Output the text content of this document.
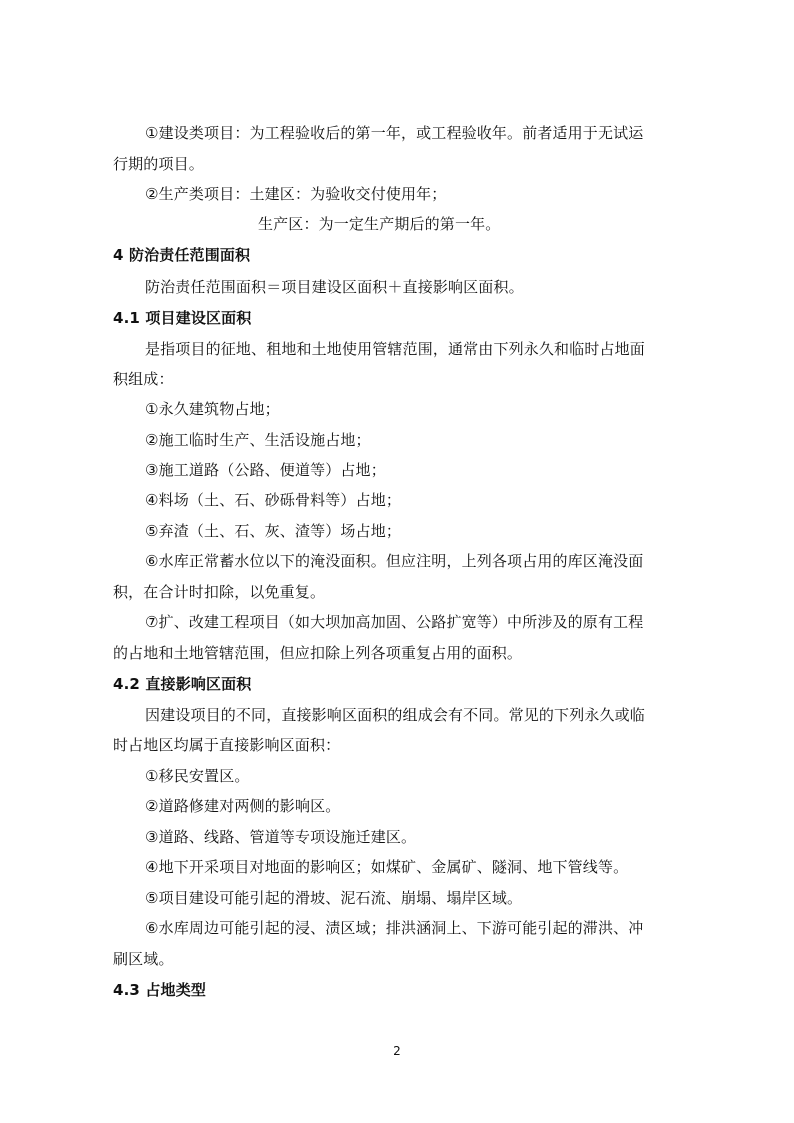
①建设类项目：为工程验收后的第一年，或工程验收年。前者适用于无试运
行期的项目。
②生产类项目：土建区：为验收交付使用年；
生产区：为一定生产期后的第一年。
4 防治责任范围面积
防治责任范围面积＝项目建设区面积＋直接影响区面积。
4.1 项目建设区面积
是指项目的征地、租地和土地使用管辖范围，通常由下列永久和临时占地面
积组成：
①永久建筑物占地；
②施工临时生产、生活设施占地；
③施工道路（公路、便道等）占地；
④料场（土、石、砂砾骨料等）占地；
⑤弃渣（土、石、灰、渣等）场占地；
⑥水库正常蓄水位以下的淹没面积。但应注明，上列各项占用的库区淹没面
积，在合计时扣除，以免重复。
⑦扩、改建工程项目（如大坝加高加固、公路扩宽等）中所涉及的原有工程
的占地和土地管辖范围，但应扣除上列各项重复占用的面积。
4.2 直接影响区面积
因建设项目的不同，直接影响区面积的组成会有不同。常见的下列永久或临
时占地区均属于直接影响区面积：
①移民安置区。
②道路修建对两侧的影响区。
③道路、线路、管道等专项设施迁建区。
④地下开采项目对地面的影响区；如煤矿、金属矿、隧洞、地下管线等。
⑤项目建设可能引起的滑坡、泥石流、崩塌、塌岸区域。
⑥水库周边可能引起的浸、渍区域；排洪涵洞上、下游可能引起的滞洪、冲
刷区域。
4.3 占地类型
2
